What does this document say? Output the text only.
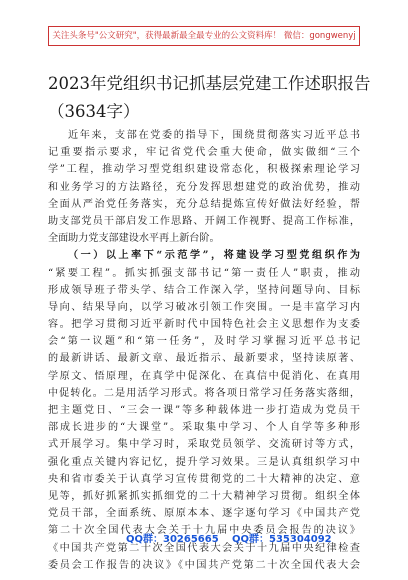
关注头条号"公文研究"，获得最新最全最专业的公文资料库！ 微信：gongwenyj
2023年党组织书记抓基层党建工作述职报告
（3634字）
近年来，支部在党委的指导下，围绕贯彻落实习近平总书
记重要指示要求，牢记省党代会重大使命，做实做细“三个
学”工程，推动学习型党组织建设常态化，积极探索理论学习
和业务学习的方法路径，充分发挥思想建党的政治优势，推动
全面从严治党任务落实，充分总结提炼宣传好做法好经验，帮
助支部党员干部启发工作思路、开阔工作视野、提高工作标准，
全面助力党支部建设水平再上新台阶。
（一）以上率下“示范学”，将建设学习型党组织作为
“紧要工程”。抓实抓强支部书记“第一责任人”职责，推动
形成领导班子带头学、结合工作深入学，坚持问题导向、目标
导向、结果导向，以学习破冰引领工作突围。一是丰富学习内
容。把学习贯彻习近平新时代中国特色社会主义思想作为支委
会“第一议题”和“第一任务”，及时学习掌握习近平总书记
的最新讲话、最新文章、最近指示、最新要求，坚持读原著、
学原文、悟原理，在真学中促深化、在真信中促消化、在真用
中促转化。二是用活学习形式。将各项日常学习任务落实落细，
把主题党日、“三会一课”等多种载体进一步打造成为党员干
部成长进步的“大课堂”。采取集中学习、个人自学等多种形
式开展学习。集中学习时，采取党员领学、交流研讨等方式，
强化重点关键内容记忆，提升学习效果。三是认真组织学习中
央和省市委关于认真学习宣传贯彻党的二十大精神的决定、意
见等，抓好抓紧抓实抓细党的二十大精神学习贯彻。组织全体
党员干部，全面系统、原原本本、逐字逐句学习《中国共产党
第二十次全国代表大会关于十九届中央委员会报告的决议》
《中国共产党第二十次全国代表大会关于十九届中央纪律检查
委员会工作报告的决议》《中国共产党第二十次全国代表大会
QQ群：30265665 QQ群：535304092
